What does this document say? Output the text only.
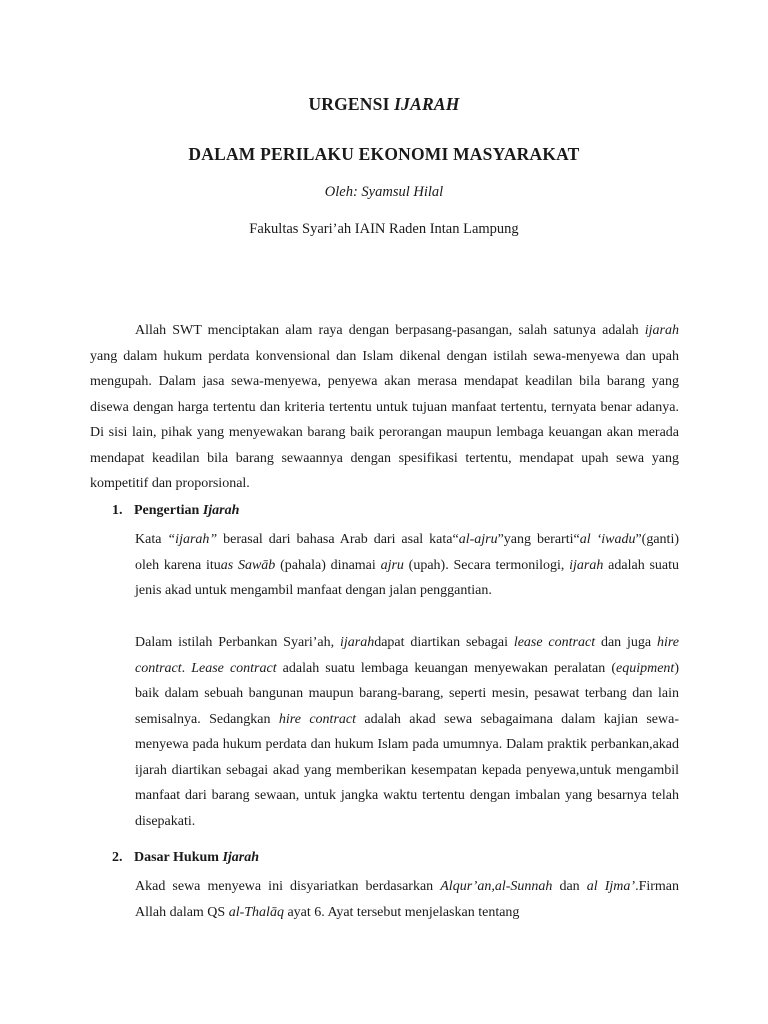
URGENSI IJARAH
DALAM PERILAKU EKONOMI MASYARAKAT
Oleh: Syamsul Hilal
Fakultas Syari’ah IAIN Raden Intan Lampung
Allah SWT menciptakan alam raya dengan berpasang-pasangan, salah satunya adalah ijarah yang dalam hukum perdata konvensional dan Islam dikenal dengan istilah sewa-menyewa dan upah mengupah. Dalam jasa sewa-menyewa, penyewa akan merasa mendapat keadilan bila barang yang disewa dengan harga tertentu dan kriteria tertentu untuk tujuan manfaat tertentu, ternyata benar adanya. Di sisi lain, pihak yang menyewakan barang baik perorangan maupun lembaga keuangan akan merada mendapat keadilan bila barang sewaannya dengan spesifikasi tertentu, mendapat upah sewa yang kompetitif dan proporsional.
1. Pengertian Ijarah
Kata “ijarah” berasal dari bahasa Arab dari asal kata“al-ajru”yang berarti“al ‘iwadu”(ganti) oleh karena ituas Sawāb (pahala) dinamai ajru (upah). Secara termonilogi, ijarah adalah suatu jenis akad untuk mengambil manfaat dengan jalan penggantian.
Dalam istilah Perbankan Syari’ah, ijarahdapat diartikan sebagai lease contract dan juga hire contract. Lease contract adalah suatu lembaga keuangan menyewakan peralatan (equipment) baik dalam sebuah bangunan maupun barang-barang, seperti mesin, pesawat terbang dan lain semisalnya. Sedangkan hire contract adalah akad sewa sebagaimana dalam kajian sewa-menyewa pada hukum perdata dan hukum Islam pada umumnya. Dalam praktik perbankan,akad ijarah diartikan sebagai akad yang memberikan kesempatan kepada penyewa,untuk mengambil manfaat dari barang sewaan, untuk jangka waktu tertentu dengan imbalan yang besarnya telah disepakati.
2. Dasar Hukum Ijarah
Akad sewa menyewa ini disyariatkan berdasarkan Alqur’an,al-Sunnah dan al Ijma’.Firman Allah dalam QS al-Thalāq ayat 6. Ayat tersebut menjelaskan tentang
